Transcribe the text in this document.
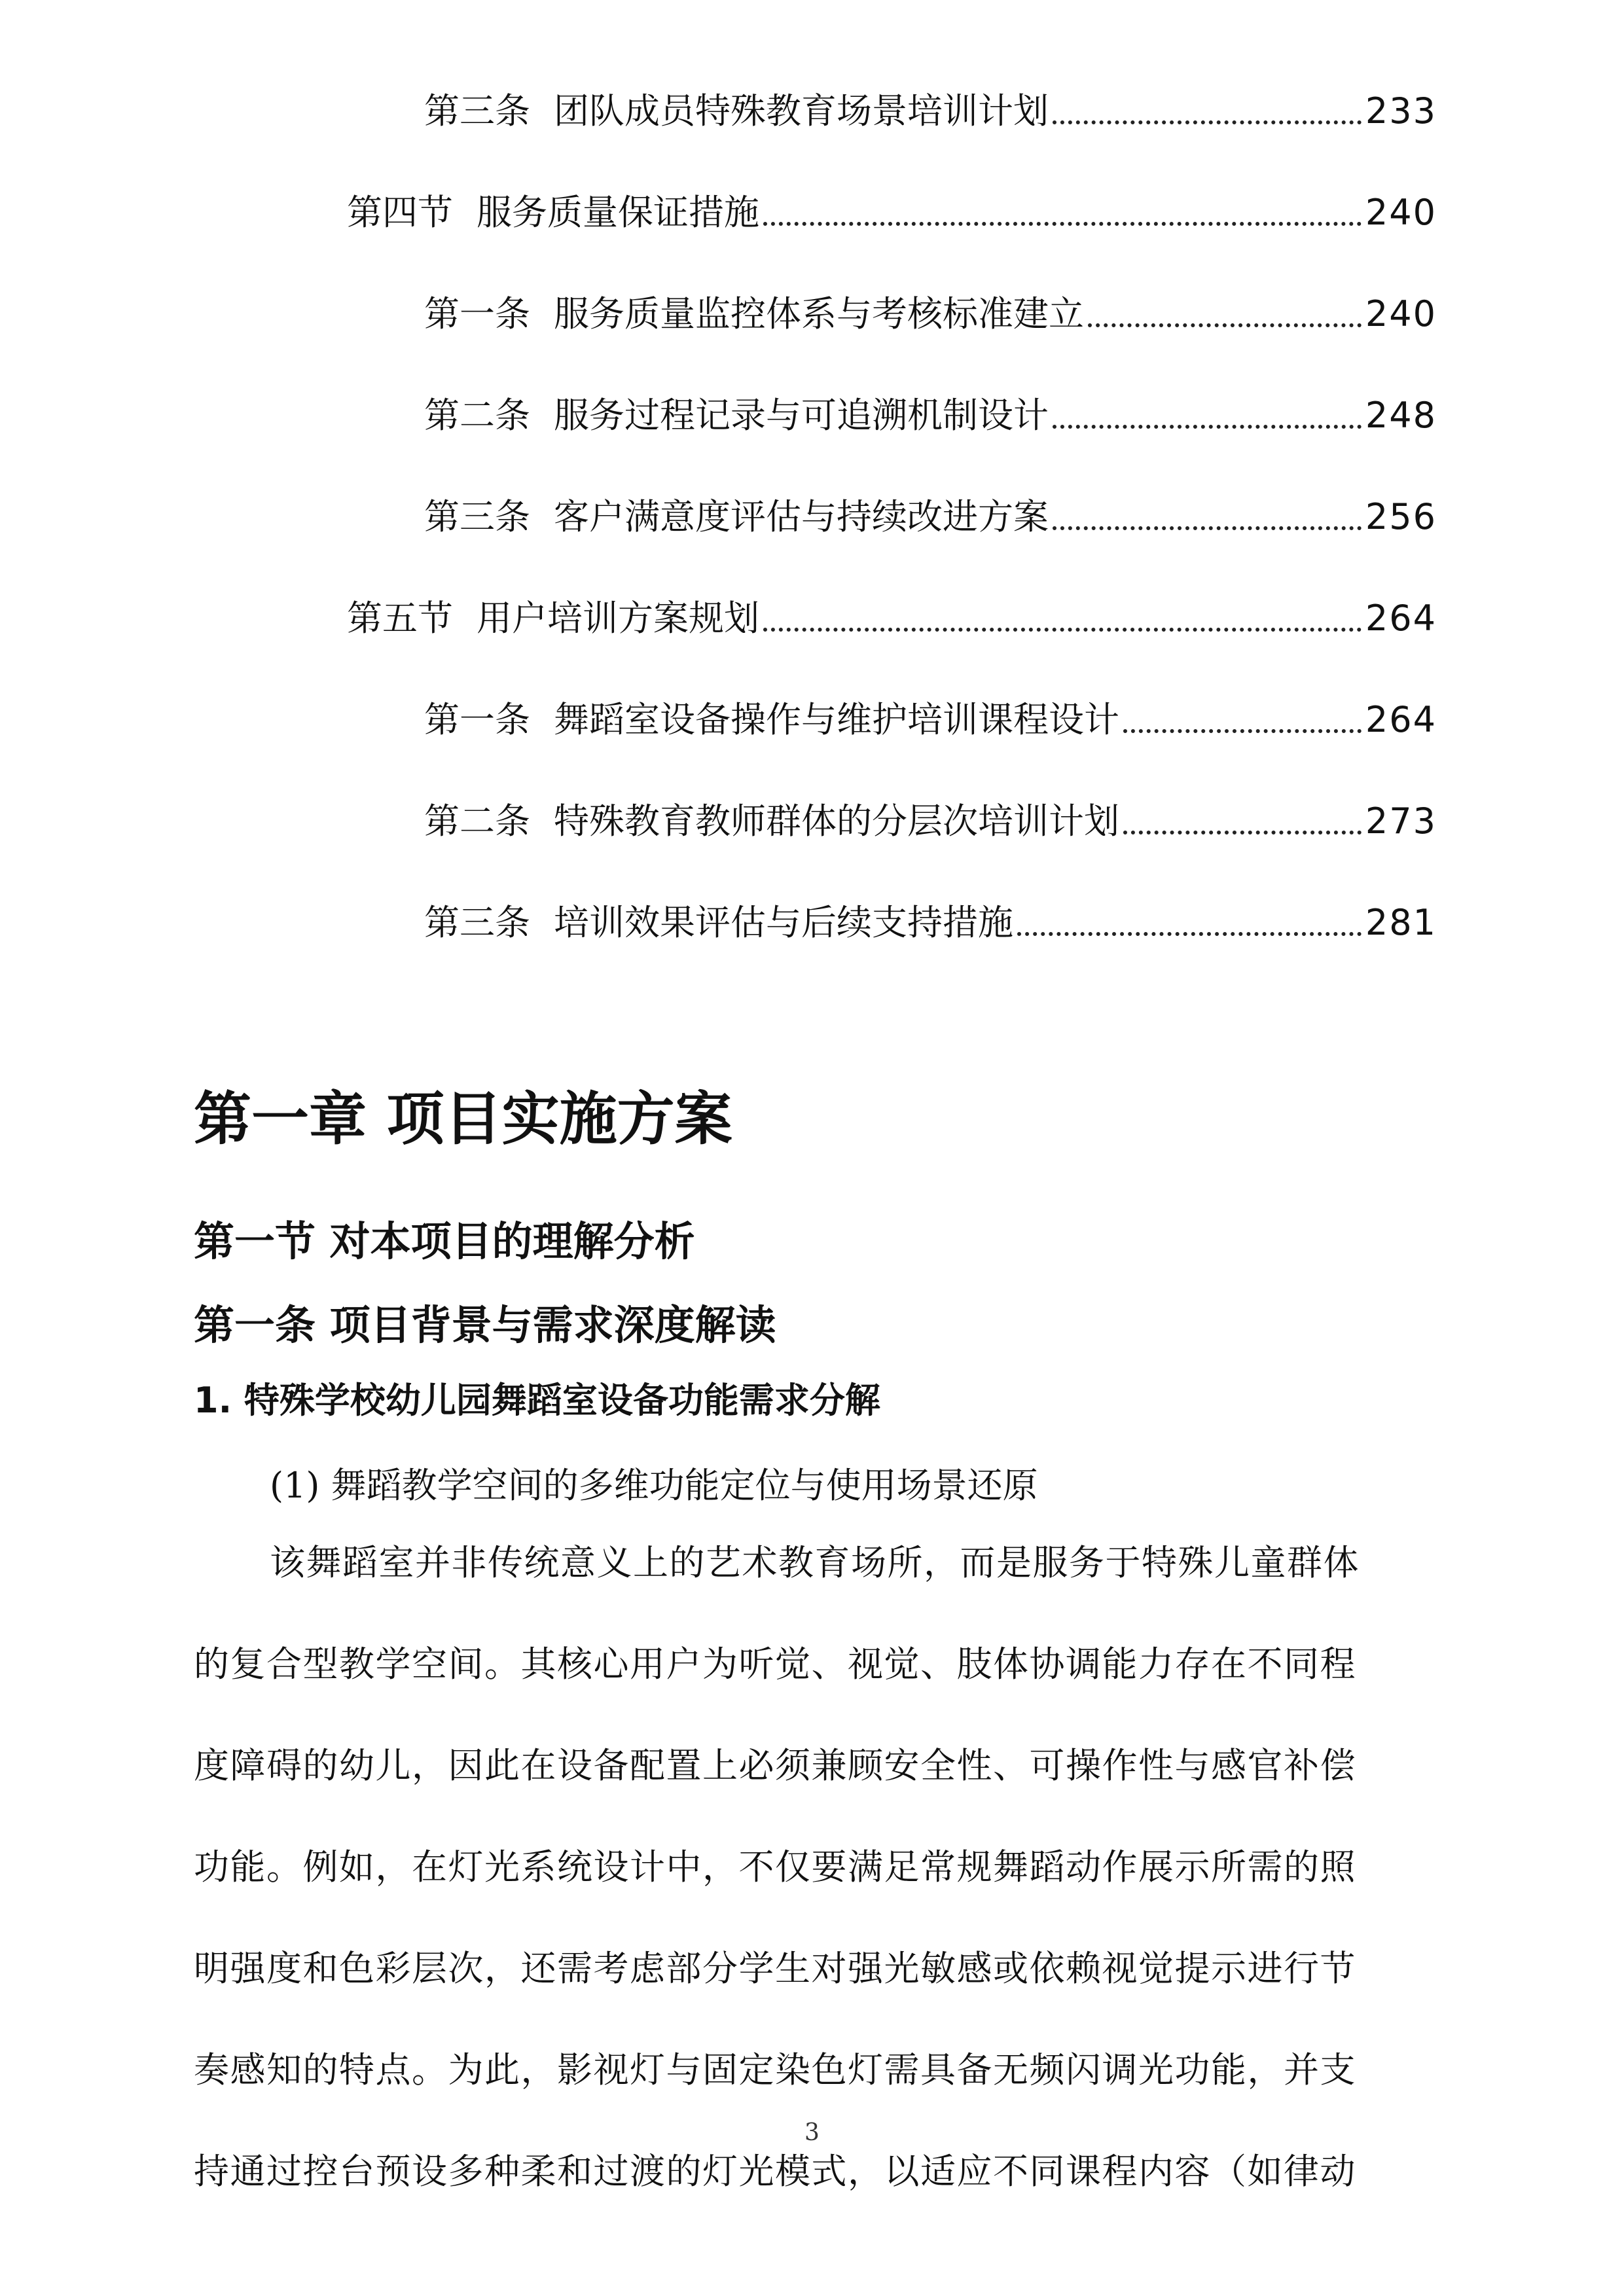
第三条 团队成员特殊教育场景培训计划	233
第四节 服务质量保证措施	240
第一条 服务质量监控体系与考核标准建立	240
第二条 服务过程记录与可追溯机制设计	248
第三条 客户满意度评估与持续改进方案	256
第五节 用户培训方案规划	264
第一条 舞蹈室设备操作与维护培训课程设计	264
第二条 特殊教育教师群体的分层次培训计划	273
第三条 培训效果评估与后续支持措施	281
第一章 项目实施方案
第一节 对本项目的理解分析
第一条 项目背景与需求深度解读
1. 特殊学校幼儿园舞蹈室设备功能需求分解
(1) 舞蹈教学空间的多维功能定位与使用场景还原
该舞蹈室并非传统意义上的艺术教育场所，而是服务于特殊儿童群体
的复合型教学空间。其核心用户为听觉、视觉、肢体协调能力存在不同程
度障碍的幼儿，因此在设备配置上必须兼顾安全性、可操作性与感官补偿
功能。例如，在灯光系统设计中，不仅要满足常规舞蹈动作展示所需的照
明强度和色彩层次，还需考虑部分学生对强光敏感或依赖视觉提示进行节
奏感知的特点。为此，影视灯与固定染色灯需具备无频闪调光功能，并支
持通过控台预设多种柔和过渡的灯光模式，以适应不同课程内容（如律动
3
